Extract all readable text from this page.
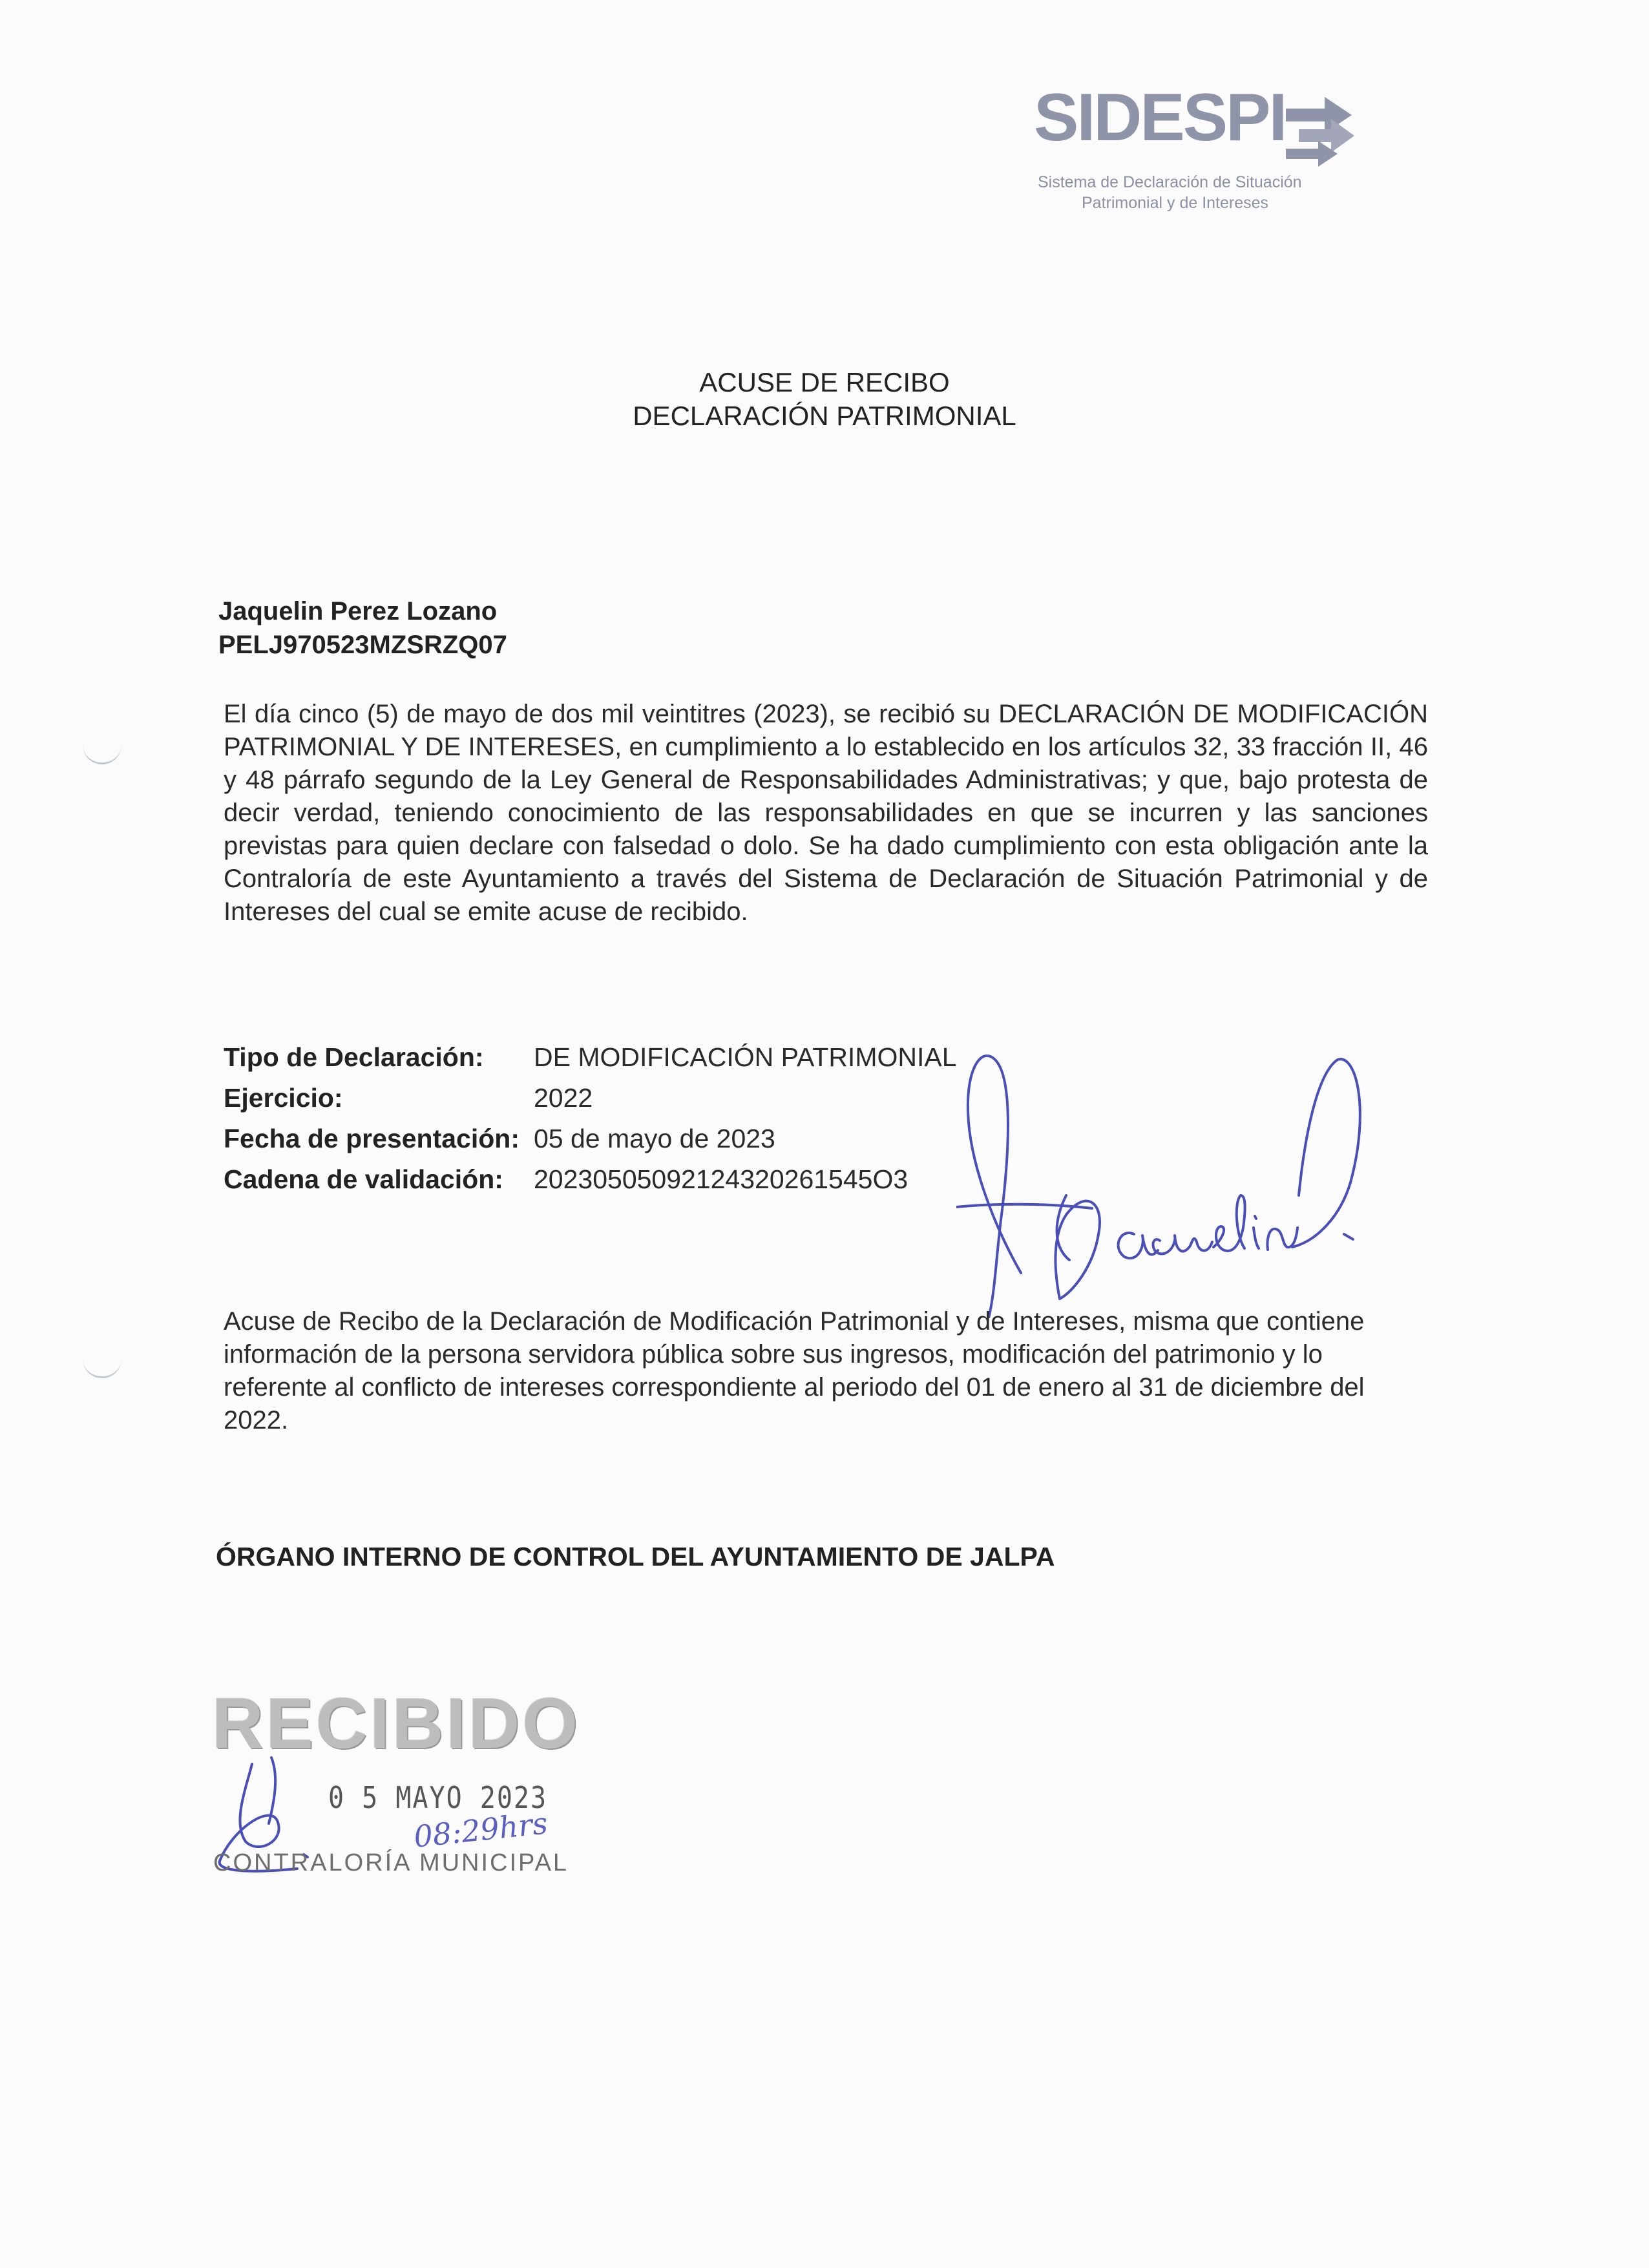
SIDESPI
Sistema de Declaración de Situación
Patrimonial y de Intereses
ACUSE DE RECIBO
DECLARACIÓN PATRIMONIAL
Jaquelin Perez Lozano
PELJ970523MZSRZQ07
El día cinco (5) de mayo de dos mil veintitres (2023), se recibió su DECLARACIÓN DE MODIFICACIÓN PATRIMONIAL Y DE INTERESES, en cumplimiento a lo establecido en los artículos 32, 33 fracción II, 46 y 48 párrafo segundo de la Ley General de Responsabilidades Administrativas; y que, bajo protesta de decir verdad, teniendo conocimiento de las responsabilidades en que se incurren y las sanciones previstas para quien declare con falsedad o dolo. Se ha dado cumplimiento con esta obligación ante la Contraloría de este Ayuntamiento a través del Sistema de Declaración de Situación Patrimonial y de Intereses del cual se emite acuse de recibido.
Tipo de Declaración:	DE MODIFICACIÓN PATRIMONIAL
Ejercicio:	2022
Fecha de presentación: 05 de mayo de 2023
Cadena de validación:	20230505092124320261545O3
Acuse de Recibo de la Declaración de Modificación Patrimonial y de Intereses, misma que contiene información de la persona servidora pública sobre sus ingresos, modificación del patrimonio y lo referente al conflicto de intereses correspondiente al periodo del 01 de enero al 31 de diciembre del 2022.
ÓRGANO INTERNO DE CONTROL DEL AYUNTAMIENTO DE JALPA
RECIBIDO
0 5 MAYO 2023
08:29hrs
CONTRALORÍA MUNICIPAL
